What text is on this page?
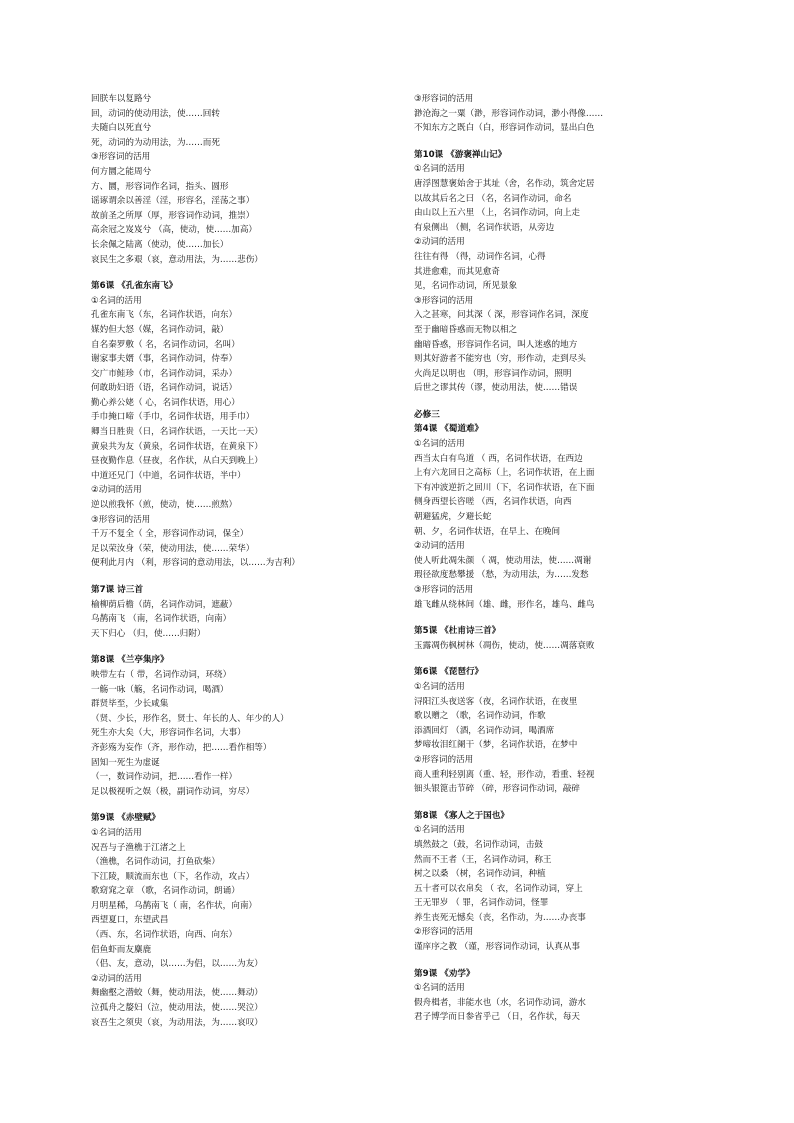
回朕车以复路兮
回，动词的使动用法，使……回转
夫随白以死直兮
死，动词的为动用法，为……而死
③形容词的活用
何方圜之能周兮
方、圜，形容词作名词，指头、圆形
谣诼谓余以善淫（淫，形容名，淫荡之事）
故前圣之所厚（厚，形容词作动词，推崇）
高余冠之岌岌兮 （高，使动，使……加高）
长余佩之陆离（使动，使……加长）
哀民生之多艰（哀，意动用法，为……悲伤）
第6课 《孔雀东南飞》
①名词的活用
孔雀东南飞（东，名词作状语，向东）
媒妁但大怒（媒，名词作动词，敲）
自名秦罗敷（ 名，名词作动词，名叫）
谢家事夫婿（事，名词作动词，侍奉）
交广市鲑珍（市，名词作动词，采办）
何敢助妇语（语，名词作动词，说话）
勤心养公姥（ 心，名词作状语，用心）
手巾掩口啼（手巾，名词作状语，用手巾）
卿当日胜贵（日，名词作状语，一天比一天）
黄泉共为友（黄泉，名词作状语，在黄泉下）
昼夜勤作息（昼夜，名作状，从白天到晚上）
中道还兄门（中道，名词作状语，半中）
②动词的活用
逆以煎我怀（煎，使动，使……煎熬）
③形容词的活用
千万不复全（ 全，形容词作动词，保全）
足以荣汝身（荣，使动用法，使……荣华）
便利此月内 （利，形容词的意动用法，以……为吉利）
第7课 诗三首
榆柳荫后檐（荫，名词作动词，遮蔽）
乌鹊南飞 （南，名词作状语，向南）
天下归心 （归，使……归附）
第8课 《兰亭集序》
映带左右（ 带，名词作动词，环绕）
一觞一咏（觞，名词作动词，喝酒）
群贤毕至，少长咸集
（贤、少长，形作名，贤士、年长的人、年少的人）
死生亦大矣（大，形容词作名词，大事）
齐彭殇为妄作（齐，形作动，把……看作相等）
固知一死生为虚诞
（一，数词作动词，把……看作一样）
足以极视听之娱（极，副词作动词，穷尽）
第9课 《赤壁赋》
①名词的活用
况吾与子渔樵于江渚之上
（渔樵，名词作动词，打鱼砍柴）
下江陵，顺流而东也（下，名作动，攻占）
歌窈窕之章 （歌，名词作动词，朗诵）
月明星稀，乌鹊南飞（ 南，名作状，向南）
西望夏口，东望武昌
（西、东，名词作状语，向西、向东）
侣鱼虾而友麋鹿
（侣、友，意动，以……为侣，以……为友）
②动词的活用
舞幽壑之潜蛟（舞，使动用法，使……舞动）
泣孤舟之嫠妇（泣，使动用法，使……哭泣）
哀吾生之须臾（哀，为动用法，为……哀叹）
③形容词的活用
渺沧海之一粟（渺，形容词作动词，渺小得像……
不知东方之既白（白，形容词作动词，显出白色
第10课 《游褒禅山记》
①名词的活用
唐浮图慧褒始舍于其址（舍，名作动，筑舍定居
以故其后名之曰 （名，名词作动词，命名
由山以上五六里 （上，名词作动词，向上走
有泉侧出 （侧，名词作状语，从旁边
②动词的活用
往往有得 （得，动词作名词，心得
其进愈难，而其见愈奇
见，名词作动词，所见景象
③形容词的活用
入之甚寒，问其深（ 深，形容词作名词，深度
至于幽暗昏惑而无物以相之
幽暗昏惑，形容词作名词，叫人迷惑的地方
则其好游者不能穷也（穷，形作动，走到尽头
火尚足以明也 （明，形容词作动词，照明
后世之谬其传（谬，使动用法，使……错误
必修三
第4课 《蜀道难》
①名词的活用
西当太白有鸟道 （ 西，名词作状语，在西边
上有六龙回日之高标（上，名词作状语，在上面
下有冲波逆折之回川（下，名词作状语，在下面
侧身西望长咨嗟 （西，名词作状语，向西
朝避猛虎，夕避长蛇
朝、夕，名词作状语，在早上、在晚间
②动词的活用
使人听此凋朱颜 （ 凋，使动用法，使……凋谢
瑕径欲度愁攀援 （愁，为动用法，为……发愁
③形容词的活用
雄飞雌从绕林间（雄、雌，形作名，雄鸟、雌鸟
第5课 《杜甫诗三首》
玉露凋伤枫树林（凋伤，使动，使……凋落衰败
第6课 《琵琶行》
①名词的活用
浔阳江头夜送客（夜，名词作状语，在夜里
歌以赠之 （歌，名词作动词，作歌
添酒回灯 （酒，名词作动词，喝酒席
梦啼妆泪红阑干（梦，名词作状语，在梦中
②形容词的活用
商人重利轻别离（重、轻，形作动，看重、轻视
钿头银篦击节碎 （碎，形容词作动词，敲碎
第8课 《寡人之于国也》
①名词的活用
填然鼓之（鼓，名词作动词，击鼓
然而不王者（王，名词作动词，称王
树之以桑 （树，名词作动词，种植
五十者可以衣帛矣 （ 衣，名词作动词，穿上
王无罪岁 （ 罪，名词作动词，怪罪
养生丧死无憾矣（丧，名作动，为……办丧事
②形容词的活用
谨庠序之教 （谨，形容词作动词，认真从事
第9课 《劝学》
①名词的活用
假舟楫者，非能水也（水，名词作动词，游水
君子博学而日参省乎己 （日，名作状，每天
